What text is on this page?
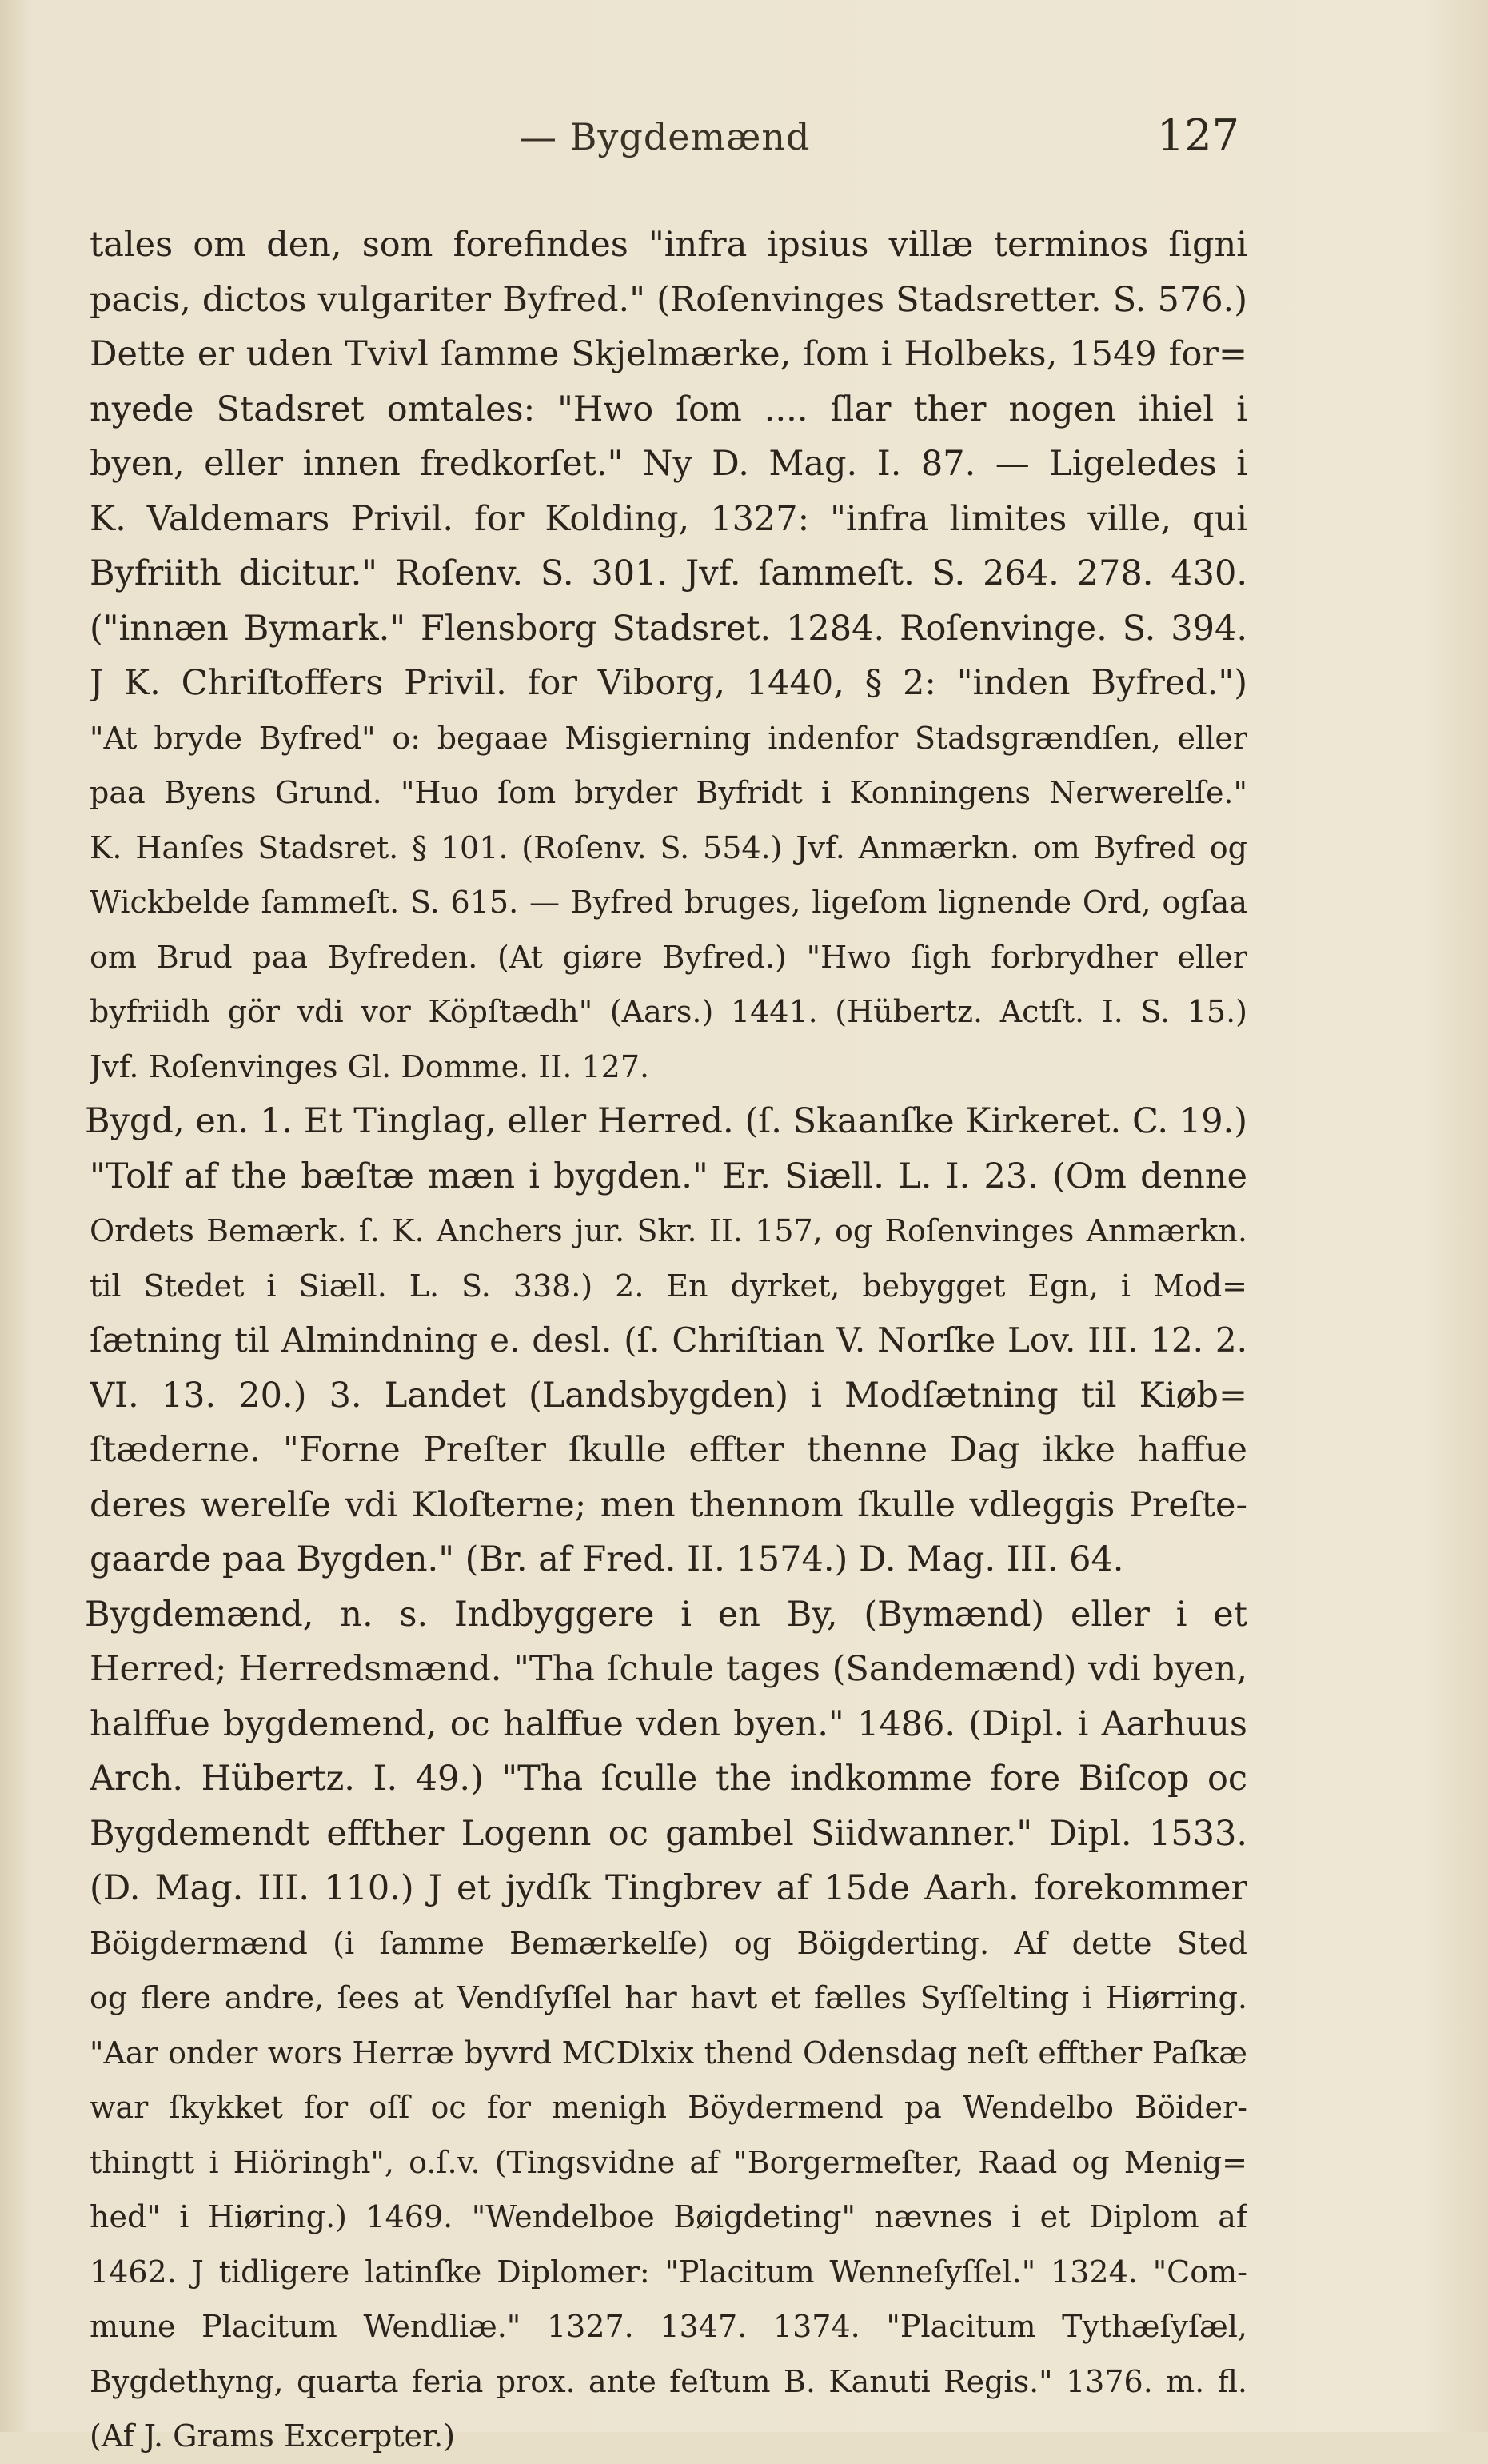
— Bygdemænd	127
tales om den, som forefindes "infra ipsius villæ terminos ſigni
pacis, dictos vulgariter Byfred." (Roſenvinges Stadsretter. S. 576.)
Dette er uden Tvivl ſamme Skjelmærke, ſom i Holbeks, 1549 for=
nyede Stadsret omtales: "Hwo ſom .... ſlar ther nogen ihiel i
byen, eller innen fredkorſet." Ny D. Mag. I. 87. — Ligeledes i
K. Valdemars Privil. for Kolding, 1327: "infra limites ville, qui
Byfriith dicitur." Roſenv. S. 301. Jvf. ſammeſt. S. 264. 278. 430.
("innæn Bymark." Flensborg Stadsret. 1284. Roſenvinge. S. 394.
J K. Chriſtoffers Privil. for Viborg, 1440, § 2: "inden Byfred.")
"At bryde Byfred" o: begaae Misgierning indenfor Stadsgrændſen, eller
paa Byens Grund. "Huo ſom bryder Byfridt i Konningens Nerwerelſe."
K. Hanſes Stadsret. § 101. (Roſenv. S. 554.) Jvf. Anmærkn. om Byfred og
Wickbelde ſammeſt. S. 615. — Byfred bruges, ligeſom lignende Ord, ogſaa
om Brud paa Byfreden. (At giøre Byfred.) "Hwo ſigh forbrydher eller
byfriidh gör vdi vor Köpſtædh" (Aars.) 1441. (Hübertz. Actſt. I. S. 15.)
Jvf. Roſenvinges Gl. Domme. II. 127.
Bygd, en. 1. Et Tinglag, eller Herred. (ſ. Skaanſke Kirkeret. C. 19.)
"Tolf af the bæſtæ mæn i bygden." Er. Siæll. L. I. 23. (Om denne
Ordets Bemærk. ſ. K. Anchers jur. Skr. II. 157, og Roſenvinges Anmærkn.
til Stedet i Siæll. L. S. 338.) 2. En dyrket, bebygget Egn, i Mod=
ſætning til Almindning e. desl. (ſ. Chriſtian V. Norſke Lov. III. 12. 2.
VI. 13. 20.) 3. Landet (Landsbygden) i Modſætning til Kiøb=
ſtæderne. "Forne Preſter ſkulle effter thenne Dag ikke haffue
deres werelſe vdi Kloſterne; men thennom ſkulle vdleggis Preſte-
gaarde paa Bygden." (Br. af Fred. II. 1574.) D. Mag. III. 64.
Bygdemænd, n. s. Indbyggere i en By, (Bymænd) eller i et
Herred; Herredsmænd. "Tha ſchule tages (Sandemænd) vdi byen,
halffue bygdemend, oc halffue vden byen." 1486. (Dipl. i Aarhuus
Arch. Hübertz. I. 49.) "Tha ſculle the indkomme fore Biſcop oc
Bygdemendt effther Logenn oc gambel Siidwanner." Dipl. 1533.
(D. Mag. III. 110.) J et jydſk Tingbrev af 15de Aarh. forekommer
Böigdermænd (i ſamme Bemærkelſe) og Böigderting. Af dette Sted
og flere andre, ſees at Vendſyſſel har havt et fælles Syſſelting i Hiørring.
"Aar onder wors Herræ byvrd MCDlxix thend Odensdag neſt effther Paſkæ
war ſkykket for oſſ oc for menigh Böydermend pa Wendelbo Böider-
thingtt i Hiöringh", o.ſ.v. (Tingsvidne af "Borgermeſter, Raad og Menig=
hed" i Hiøring.) 1469. "Wendelboe Bøigdeting" nævnes i et Diplom af
1462. J tidligere latinſke Diplomer: "Placitum Wenneſyſſel." 1324. "Com-
mune Placitum Wendliæ." 1327. 1347. 1374. "Placitum Tythæſyſæl,
Bygdethyng, quarta feria prox. ante feſtum B. Kanuti Regis." 1376. m. fl.
(Af J. Grams Excerpter.)
